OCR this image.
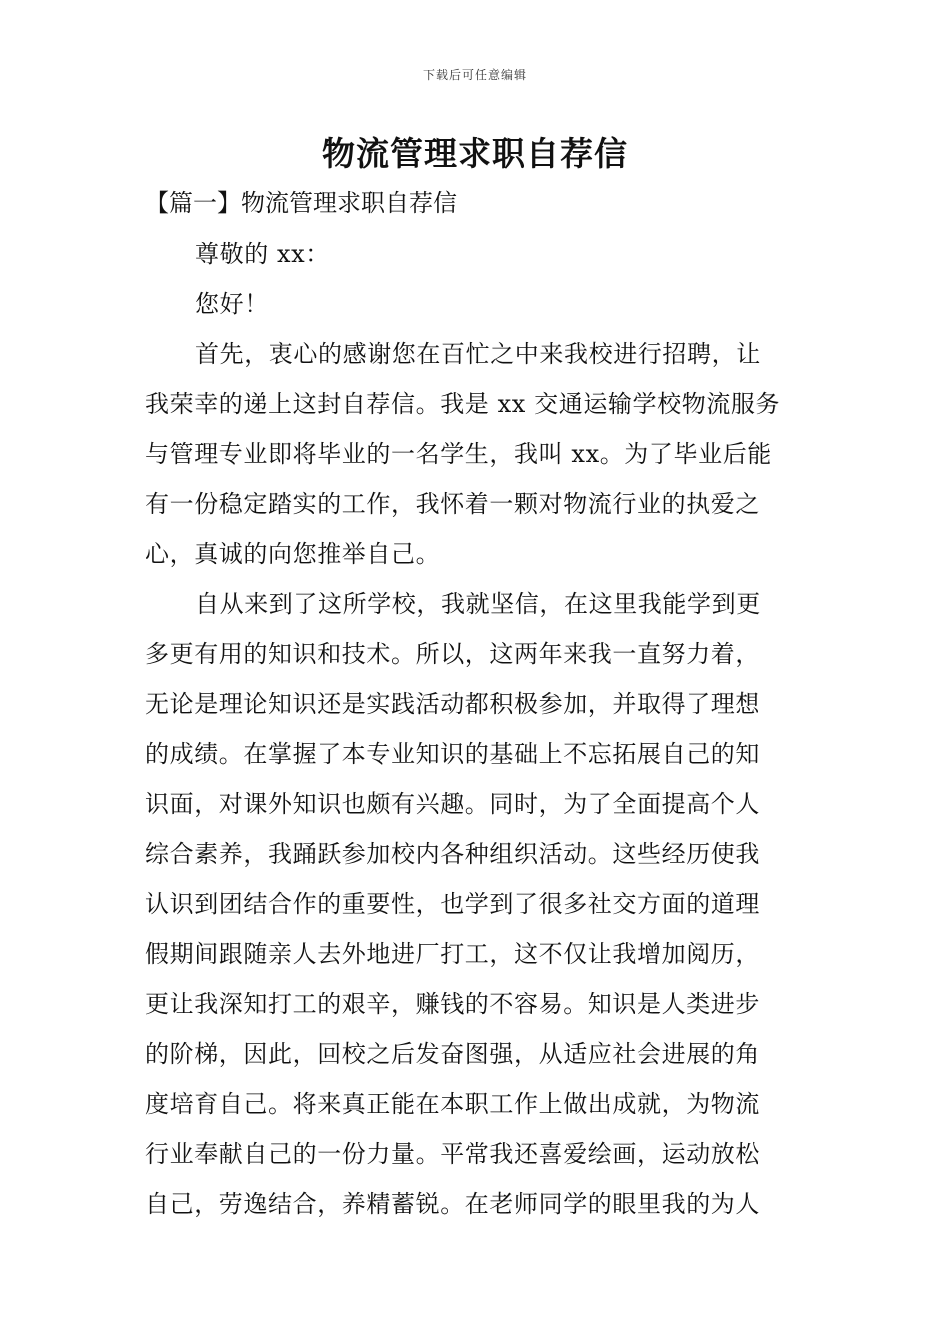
下载后可任意编辑
物流管理求职自荐信
【篇一】物流管理求职自荐信
尊敬的 xx：
您好！
首先，衷心的感谢您在百忙之中来我校进行招聘，让
我荣幸的递上这封自荐信。我是 xx 交通运输学校物流服务
与管理专业即将毕业的一名学生，我叫 xx。为了毕业后能
有一份稳定踏实的工作，我怀着一颗对物流行业的执爱之
心，真诚的向您推举自己。
自从来到了这所学校，我就坚信，在这里我能学到更
多更有用的知识和技术。所以，这两年来我一直努力着，
无论是理论知识还是实践活动都积极参加，并取得了理想
的成绩。在掌握了本专业知识的基础上不忘拓展自己的知
识面，对课外知识也颇有兴趣。同时，为了全面提高个人
综合素养，我踊跃参加校内各种组织活动。这些经历使我
认识到团结合作的重要性，也学到了很多社交方面的道理
假期间跟随亲人去外地进厂打工，这不仅让我增加阅历，
更让我深知打工的艰辛，赚钱的不容易。知识是人类进步
的阶梯，因此，回校之后发奋图强，从适应社会进展的角
度培育自己。将来真正能在本职工作上做出成就，为物流
行业奉献自己的一份力量。平常我还喜爱绘画，运动放松
自己，劳逸结合，养精蓄锐。在老师同学的眼里我的为人
